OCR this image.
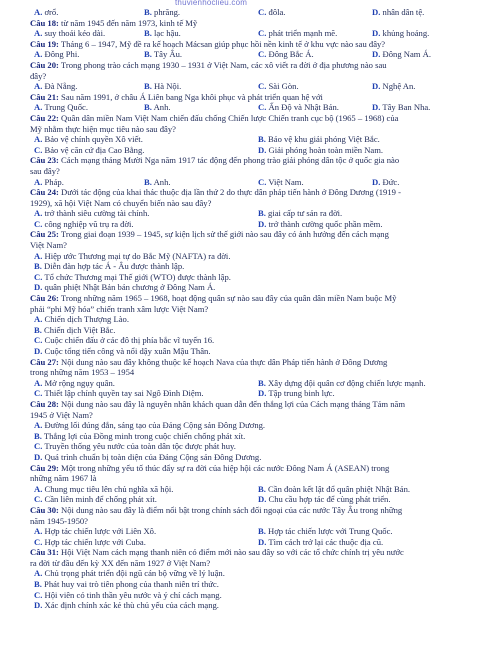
thuvienhoclieu.com
A. ơrổ.	B. phrăng.	C. đôla.	D. nhân dân tệ.
Câu 18: từ năm 1945 đến năm 1973, kinh tế Mỹ
A. suy thoái kéo dài.	B. lạc hậu.	C. phát triển mạnh mẽ.	D. khủng hoảng.
Câu 19: Tháng 6 – 1947, Mỹ đề ra kế hoạch Mácsan giúp phục hồi nền kinh tế ở khu vực nào sau đây?
A. Đông Phi.	B. Tây Âu.	C. Đông Bắc Á.	D. Đông Nam Á.
Câu 20: Trong phong trào cách mạng 1930 – 1931 ở Việt Nam, các xô viết ra đời ở địa phương nào sau
đây?
A. Đà Nẵng.	B. Hà Nội.	C. Sài Gòn.	D. Nghệ An.
Câu 21: Sau năm 1991, ở châu Á Liên bang Nga khôi phục và phát triển quan hệ với
A. Trung Quốc.	B. Anh.	C. Ấn Độ và Nhật Bản.	D. Tây Ban Nha.
Câu 22: Quân dân miền Nam Việt Nam chiến đấu chống Chiến lược Chiến tranh cục bộ (1965 – 1968) của
Mỹ nhằm thực hiện mục tiêu nào sau đây?
A. Bảo vệ chính quyền Xô viết.	B. Bảo vệ khu giải phóng Việt Bắc.
C. Bảo vệ căn cứ địa Cao Bằng.	D. Giải phóng hoàn toàn miền Nam.
Câu 23: Cách mạng tháng Mười Nga năm 1917 tác động đến phong trào giải phóng dân tộc ở quốc gia nào
sau đây?
A. Pháp.	B. Anh.	C. Việt Nam.	D. Đức.
Câu 24: Dưới tác động của khai thác thuộc địa lần thứ 2 do thực dân pháp tiến hành ở Đông Dương (1919 -
1929), xã hội Việt Nam có chuyển biến nào sau đây?
A. trở thành siêu cường tài chính.	B. giai cấp tư sản ra đời.
C. công nghiệp vũ trụ ra đời.	D. trở thành cường quốc phần mềm.
Câu 25: Trong giai đoạn 1939 – 1945, sự kiện lịch sử thế giới nào sau đây có ảnh hưởng đến cách mạng
Việt Nam?
A. Hiệp ước Thương mại tự do Bắc Mỹ (NAFTA) ra đời.
B. Diễn đàn hợp tác Á - Âu được thành lập.
C. Tổ chức Thương mại Thế giới (WTO) được thành lập.
D. quân phiệt Nhật Bản bản chương ở Đông Nam Á.
Câu 26: Trong những năm 1965 – 1968, hoạt động quân sự nào sau đây của quân dân miền Nam buộc Mỹ
phải “phi Mỹ hóa” chiến tranh xâm lược Việt Nam?
A. Chiến dịch Thượng Lào.
B. Chiến dịch Việt Bắc.
C. Cuộc chiến đấu ở các đô thị phía bắc vĩ tuyến 16.
D. Cuộc tổng tiến công và nổi dậy xuân Mậu Thân.
Câu 27: Nội dung nào sau đây không thuộc kế hoạch Nava của thực dân Pháp tiến hành ở Đông Dương
trong những năm 1953 – 1954
A. Mở rộng ngụy quân.	B. Xây dựng đội quân cơ động chiến lược mạnh.
C. Thiết lập chính quyền tay sai Ngô Đình Diệm.	D. Tập trung binh lực.
Câu 28: Nội dung nào sau đây là nguyên nhân khách quan dẫn đến thắng lợi của Cách mạng tháng Tám năm
1945 ở Việt Nam?
A. Đường lối đúng đắn, sáng tạo của Đảng Cộng sản Đông Dương.
B. Thắng lợi của Đồng minh trong cuộc chiến chống phát xít.
C. Truyền thống yêu nước của toàn dân tộc được phát huy.
D. Quá trình chuẩn bị toàn diện của Đảng Cộng sản Đông Dương.
Câu 29: Một trong những yếu tố thúc đẩy sự ra đời của hiệp hội các nước Đông Nam Á (ASEAN) trong
những năm 1967 là
A. Chung mục tiêu lên chủ nghĩa xã hội.	B. Cần đoàn kết lật đổ quân phiệt Nhật Bản.
C. Cần liên minh để chống phát xít.	D. Chu cầu hợp tác để cùng phát triển.
Câu 30: Nội dung nào sau đây là điểm nổi bật trong chính sách đối ngoại của các nước Tây Âu trong những
năm 1945-1950?
A. Hợp tác chiến lược với Liên Xô.	B. Hợp tác chiến lược với Trung Quốc.
C. Hợp tác chiến lược với Cuba.	D. Tìm cách trở lại các thuộc địa cũ.
Câu 31: Hội Việt Nam cách mạng thanh niên có điểm mới nào sau đây so với các tổ chức chính trị yêu nước
ra đời từ đầu đến kỳ XX đến năm 1927 ở Việt Nam?
A. Chủ trọng phát triển đội ngũ cán bộ vững về lý luận.
B. Phát huy vai trò tiên phong của thanh niên trí thức.
C. Hội viên có tinh thần yêu nước và ý chí cách mạng.
D. Xác định chính xác kẻ thù chủ yếu của cách mạng.
